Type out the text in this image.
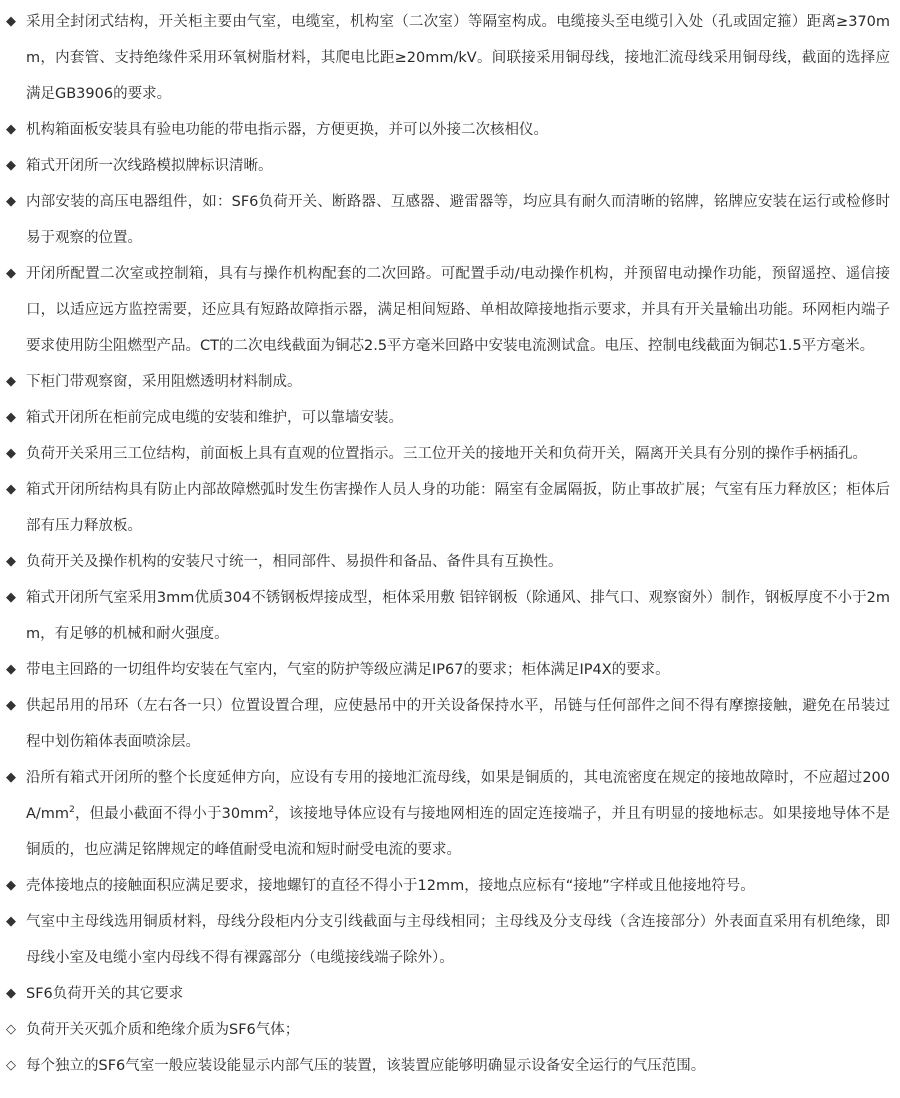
◆ 采用全封闭式结构，开关柜主要由气室，电缆室，机构室（二次室）等隔室构成。电缆接头至电缆引入处（孔或固定箍）距离≥370mm，内套管、支持绝缘件采用环氧树脂材料，其爬电比距≥20mm/kV。间联接采用铜母线，接地汇流母线采用铜母线，截面的选择应满足GB3906的要求。
◆ 机构箱面板安装具有验电功能的带电指示器，方便更换，并可以外接二次核相仪。
◆ 箱式开闭所一次线路模拟牌标识清晰。
◆ 内部安装的高压电器组件，如：SF6负荷开关、断路器、互感器、避雷器等，均应具有耐久而清晰的铭牌，铭牌应安装在运行或检修时易于观察的位置。
◆ 开闭所配置二次室或控制箱，具有与操作机构配套的二次回路。可配置手动/电动操作机构，并预留电动操作功能，预留遥控、遥信接口，以适应远方监控需要，还应具有短路故障指示器，满足相间短路、单相故障接地指示要求，并具有开关量输出功能。环网柜内端子要求使用防尘阻燃型产品。CT的二次电线截面为铜芯2.5平方毫米回路中安装电流测试盒。电压、控制电线截面为铜芯1.5平方毫米。
◆ 下柜门带观察窗，采用阻燃透明材料制成。
◆ 箱式开闭所在柜前完成电缆的安装和维护，可以靠墙安装。
◆ 负荷开关采用三工位结构，前面板上具有直观的位置指示。三工位开关的接地开关和负荷开关，隔离开关具有分别的操作手柄插孔。
◆ 箱式开闭所结构具有防止内部故障燃弧时发生伤害操作人员人身的功能：隔室有金属隔扳，防止事故扩展；气室有压力释放区；柜体后部有压力释放板。
◆ 负荷开关及操作机构的安装尺寸统一，相同部件、易损件和备品、备件具有互换性。
◆ 箱式开闭所气室采用3mm优质304不锈钢板焊接成型，柜体采用敷 铝锌钢板（除通风、排气口、观察窗外）制作，钢板厚度不小于2mm，有足够的机械和耐火强度。
◆ 带电主回路的一切组件均安装在气室内，气室的防护等级应满足IP67的要求；柜体满足IP4X的要求。
◆ 供起吊用的吊环（左右各一只）位置设置合理，应使悬吊中的开关设备保持水平，吊链与任何部件之间不得有摩擦接触，避免在吊装过程中划伤箱体表面喷涂层。
◆ 沿所有箱式开闭所的整个长度延伸方向，应设有专用的接地汇流母线，如果是铜质的，其电流密度在规定的接地故障时，不应超过$200A/mm^2$，但最小截面不得小于$30mm^2$，该接地导体应设有与接地网相连的固定连接端子，并且有明显的接地标志。如果接地导体不是铜质的，也应满足铭牌规定的峰值耐受电流和短时耐受电流的要求。
◆ 壳体接地点的接触面积应满足要求，接地螺钉的直径不得小于12mm，接地点应标有“接地”字样或且他接地符号。
◆ 气室中主母线选用铜质材料，母线分段柜内分支引线截面与主母线相同；主母线及分支母线（含连接部分）外表面直采用有机绝缘，即母线小室及电缆小室内母线不得有裸露部分（电缆接线端子除外）。
◆ SF6负荷开关的其它要求
◇ 负荷开关灭弧介质和绝缘介质为SF6气体；
◇ 每个独立的SF6气室一般应装设能显示内部气压的装置，该装置应能够明确显示设备安全运行的气压范围。
